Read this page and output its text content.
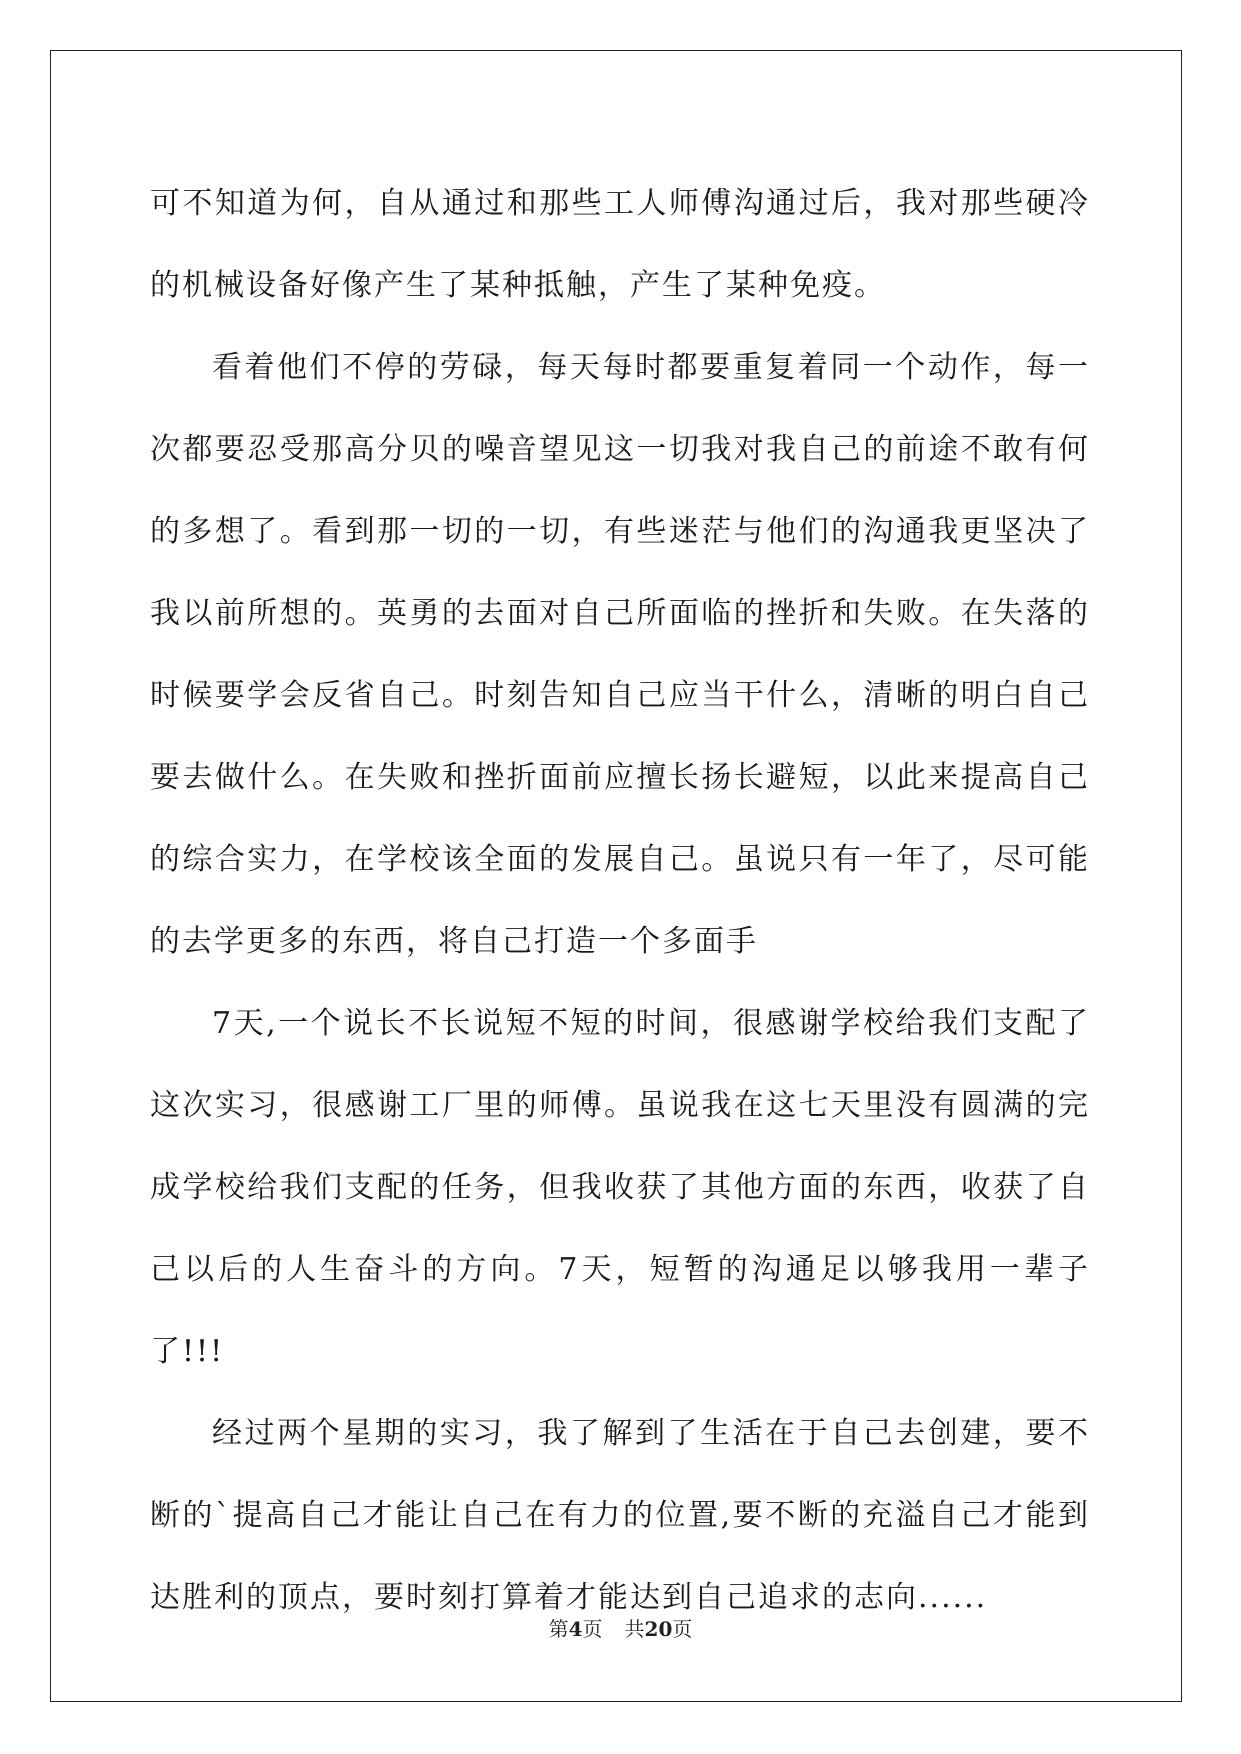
可不知道为何，自从通过和那些工人师傅沟通过后，我对那些硬冷的机械设备好像产生了某种抵触，产生了某种免疫。

看着他们不停的劳碌，每天每时都要重复着同一个动作，每一次都要忍受那高分贝的噪音望见这一切我对我自己的前途不敢有何的多想了。看到那一切的一切，有些迷茫与他们的沟通我更坚决了我以前所想的。英勇的去面对自己所面临的挫折和失败。在失落的时候要学会反省自己。时刻告知自己应当干什么，清晰的明白自己要去做什么。在失败和挫折面前应擅长扬长避短，以此来提高自己的综合实力，在学校该全面的发展自己。虽说只有一年了，尽可能的去学更多的东西，将自己打造一个多面手

7天,一个说长不长说短不短的时间，很感谢学校给我们支配了这次实习，很感谢工厂里的师傅。虽说我在这七天里没有圆满的完成学校给我们支配的任务，但我收获了其他方面的东西，收获了自己以后的人生奋斗的方向。7天，短暂的沟通足以够我用一辈子了!!!

经过两个星期的实习，我了解到了生活在于自己去创建，要不断的`提高自己才能让自己在有力的位置,要不断的充溢自己才能到达胜利的顶点，要时刻打算着才能达到自己追求的志向......

第4页 共20页
